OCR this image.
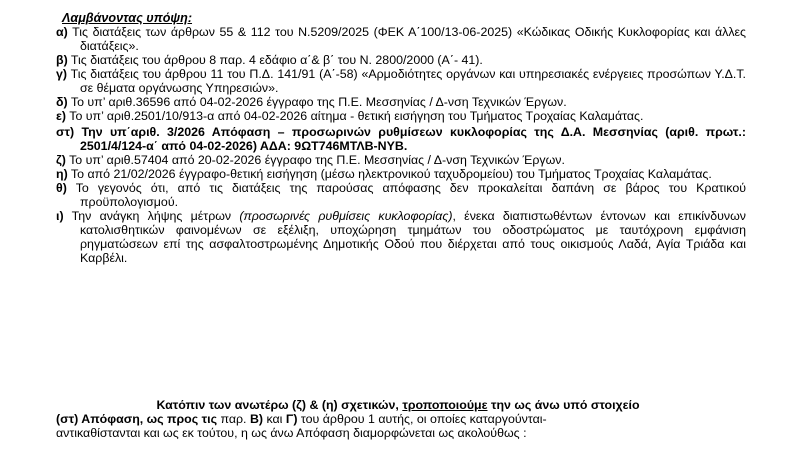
Λαμβάνοντας υπόψη:

α) Τις διατάξεις των άρθρων 55 & 112 του Ν.5209/2025 (ΦΕΚ Α΄100/13-06-2025) «Κώδικας Οδικής Κυκλοφορίας και άλλες διατάξεις».

β) Τις διατάξεις του άρθρου 8 παρ. 4 εδάφιο α΄& β΄ του Ν. 2800/2000 (Α΄- 41).

γ) Τις διατάξεις του άρθρου 11 του Π.Δ. 141/91 (Α΄-58) «Αρμοδιότητες οργάνων και υπηρεσιακές ενέργειες προσώπων Υ.Δ.Τ. σε θέματα οργάνωσης Υπηρεσιών».

δ) Το υπ’ αριθ.36596 από 04-02-2026 έγγραφο της Π.Ε. Μεσσηνίας / Δ-νση Τεχνικών Έργων.

ε) Το υπ’ αριθ.2501/10/913-α από 04-02-2026 αίτημα - θετική εισήγηση του Τμήματος Τροχαίας Καλαμάτας.

στ) Την υπ΄αριθ. 3/2026 Απόφαση – προσωρινών ρυθμίσεων κυκλοφορίας της Δ.Α. Μεσσηνίας (αριθ. πρωτ.: 2501/4/124-α΄ από 04-02-2026) ΑΔΑ: 9ΩΤ746ΜΤΛΒ-ΝΥΒ.

ζ) Το υπ’ αριθ.57404 από 20-02-2026 έγγραφο της Π.Ε. Μεσσηνίας / Δ-νση Τεχνικών Έργων.

η) Το από 21/02/2026 έγγραφο-θετική εισήγηση (μέσω ηλεκτρονικού ταχυδρομείου) του Τμήματος Τροχαίας Καλαμάτας.

θ) Το γεγονός ότι, από τις διατάξεις της παρούσας απόφασης δεν προκαλείται δαπάνη σε βάρος του Κρατικού προϋπολογισμού.

ι) Την ανάγκη λήψης μέτρων (προσωρινές ρυθμίσεις κυκλοφορίας), ένεκα διαπιστωθέντων έντονων και επικίνδυνων κατολισθητικών φαινομένων σε εξέλιξη, υποχώρηση τμημάτων του οδοστρώματος με ταυτόχρονη εμφάνιση ρηγματώσεων επί της ασφαλτοστρωμένης Δημοτικής Οδού που διέρχεται από τους οικισμούς Λαδά, Αγία Τριάδα και Καρβέλι.

Κατόπιν των ανωτέρω (ζ) & (η) σχετικών, τροποποιούμε την ως άνω υπό στοιχείο
(στ) Απόφαση, ως προς τις παρ. Β) και Γ) του άρθρου 1 αυτής, οι οποίες καταργούνται-
αντικαθίστανται και ως εκ τούτου, η ως άνω Απόφαση διαμορφώνεται ως ακολούθως :
